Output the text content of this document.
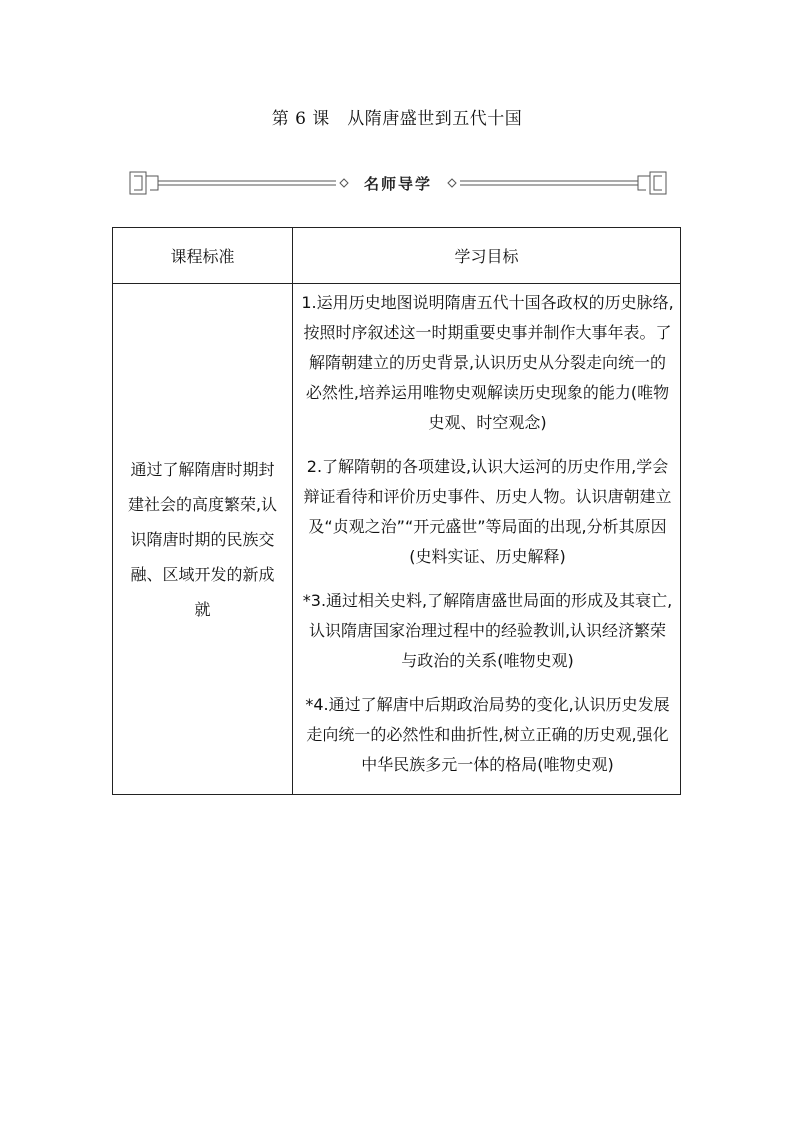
第 6 课　从隋唐盛世到五代十国
名师导学
课程标准	学习目标
通过了解隋唐时期封建社会的高度繁荣,认识隋唐时期的民族交融、区域开发的新成就	1.运用历史地图说明隋唐五代十国各政权的历史脉络,按照时序叙述这一时期重要史事并制作大事年表。了解隋朝建立的历史背景,认识历史从分裂走向统一的必然性,培养运用唯物史观解读历史现象的能力(唯物史观、时空观念)

2.了解隋朝的各项建设,认识大运河的历史作用,学会辩证看待和评价历史事件、历史人物。认识唐朝建立及“贞观之治”“开元盛世”等局面的出现,分析其原因(史料实证、历史解释)

*3.通过相关史料,了解隋唐盛世局面的形成及其衰亡,认识隋唐国家治理过程中的经验教训,认识经济繁荣与政治的关系(唯物史观)

*4.通过了解唐中后期政治局势的变化,认识历史发展走向统一的必然性和曲折性,树立正确的历史观,强化中华民族多元一体的格局(唯物史观)
